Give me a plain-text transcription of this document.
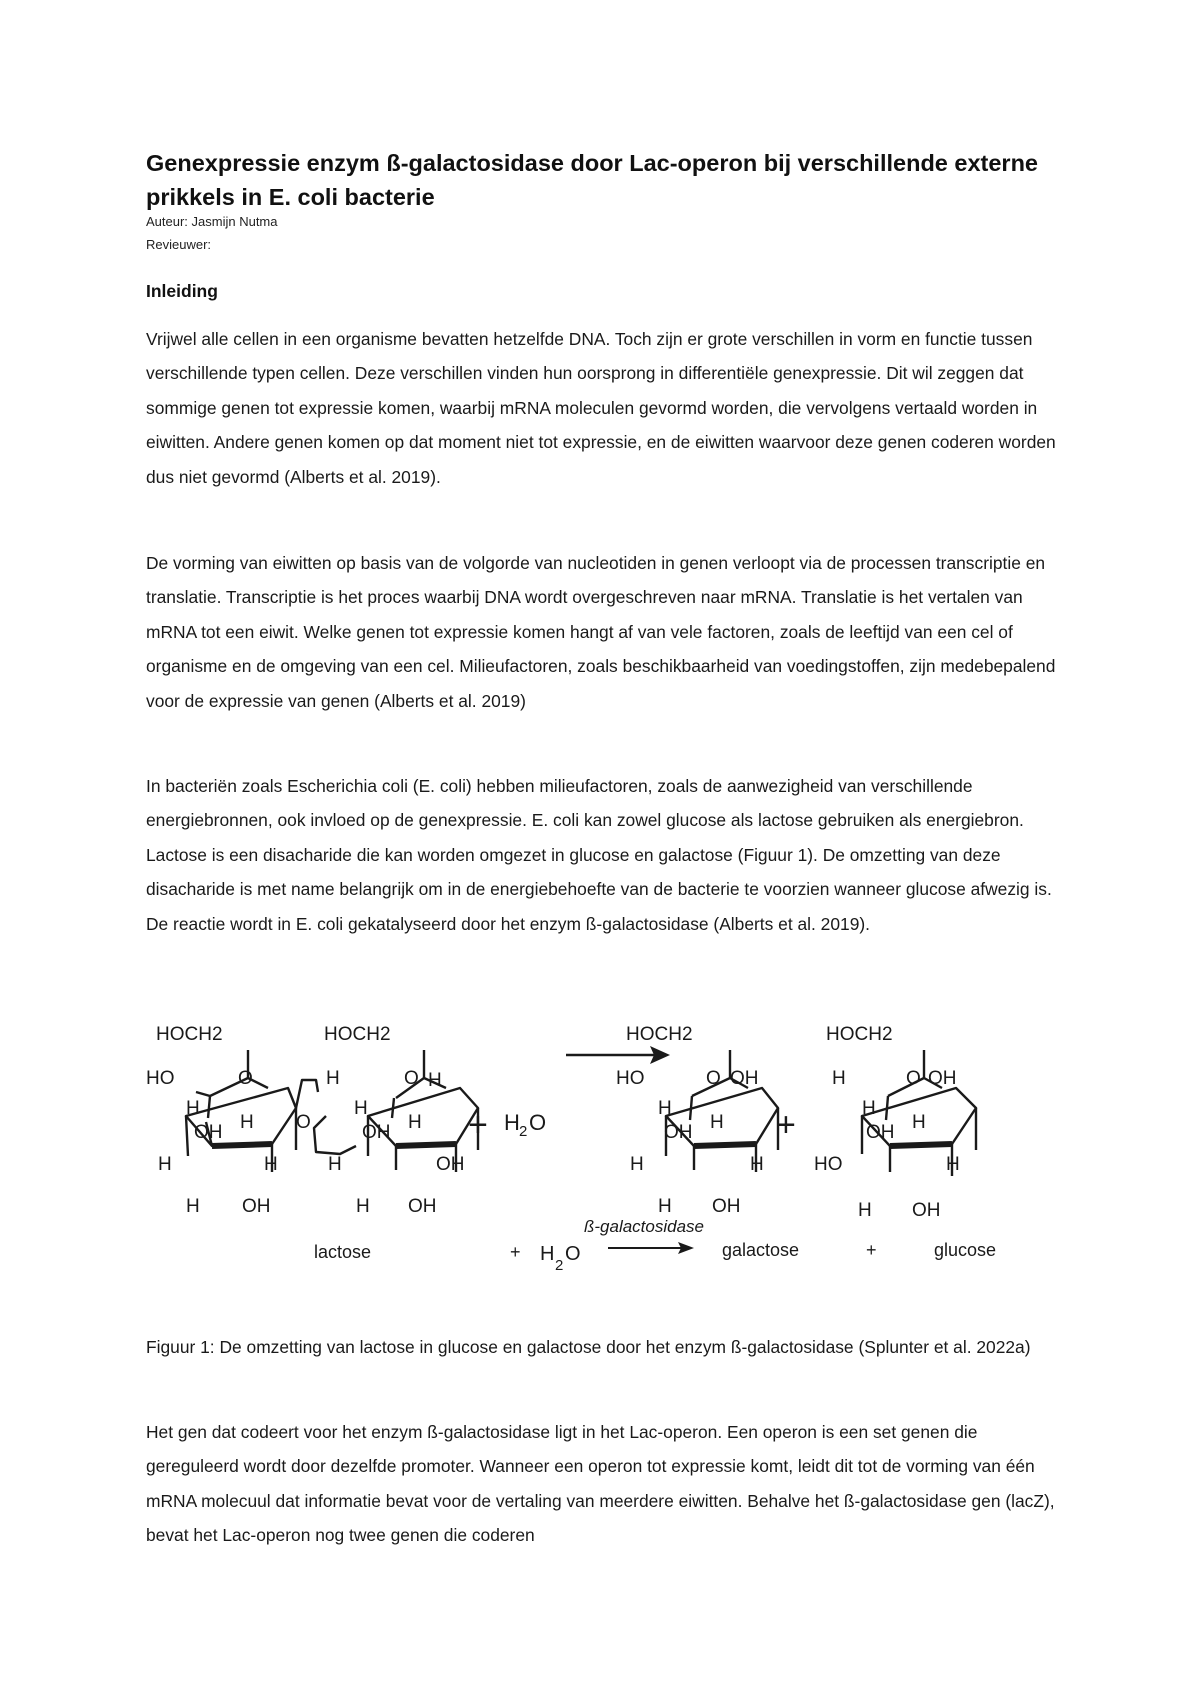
Genexpressie enzym ß-galactosidase door Lac-operon bij verschillende externe prikkels in E. coli bacterie
Auteur: Jasmijn Nutma
Revieuwer:
Inleiding
Vrijwel alle cellen in een organisme bevatten hetzelfde DNA. Toch zijn er grote verschillen in vorm en functie tussen verschillende typen cellen. Deze verschillen vinden hun oorsprong in differentiële genexpressie. Dit wil zeggen dat sommige genen tot expressie komen, waarbij mRNA moleculen gevormd worden, die vervolgens vertaald worden in eiwitten. Andere genen komen op dat moment niet tot expressie, en de eiwitten waarvoor deze genen coderen worden dus niet gevormd (Alberts et al. 2019).
De vorming van eiwitten op basis van de volgorde van nucleotiden in genen verloopt via de processen transcriptie en translatie. Transcriptie is het proces waarbij DNA wordt overgeschreven naar mRNA. Translatie is het vertalen van mRNA tot een eiwit. Welke genen tot expressie komen hangt af van vele factoren, zoals de leeftijd van een cel of organisme en de omgeving van een cel. Milieufactoren, zoals beschikbaarheid van voedingstoffen, zijn medebepalend voor de expressie van genen (Alberts et al. 2019)
In bacteriën zoals Escherichia coli (E. coli) hebben milieufactoren, zoals de aanwezigheid van verschillende energiebronnen, ook invloed op de genexpressie. E. coli kan zowel glucose als lactose gebruiken als energiebron. Lactose is een disacharide die kan worden omgezet in glucose en galactose (Figuur 1). De omzetting van deze disacharide is met name belangrijk om in de energiebehoefte van de bacterie te voorzien wanneer glucose afwezig is. De reactie wordt in E. coli gekatalyseerd door het enzym ß-galactosidase (Alberts et al. 2019).
HOCH2
HO	O
H
OH H
H	H
H OH
O
HOCH2
H	O H
H
OH H
H	OH
H OH
+ H 2 O
HOCH2
HO	O OH
H
OH H
H	H
H OH
+
HOCH2
H	O OH
H
OH H
HO	H
H OH
lactose	+ H
2
O
ß-galactosidase
galactose	+	glucose
Figuur 1: De omzetting van lactose in glucose en galactose door het enzym ß-galactosidase (Splunter et al. 2022a)
Het gen dat codeert voor het enzym ß-galactosidase ligt in het Lac-operon. Een operon is een set genen die gereguleerd wordt door dezelfde promoter. Wanneer een operon tot expressie komt, leidt dit tot de vorming van één mRNA molecuul dat informatie bevat voor de vertaling van meerdere eiwitten. Behalve het ß-galactosidase gen (lacZ), bevat het Lac-operon nog twee genen die coderen
